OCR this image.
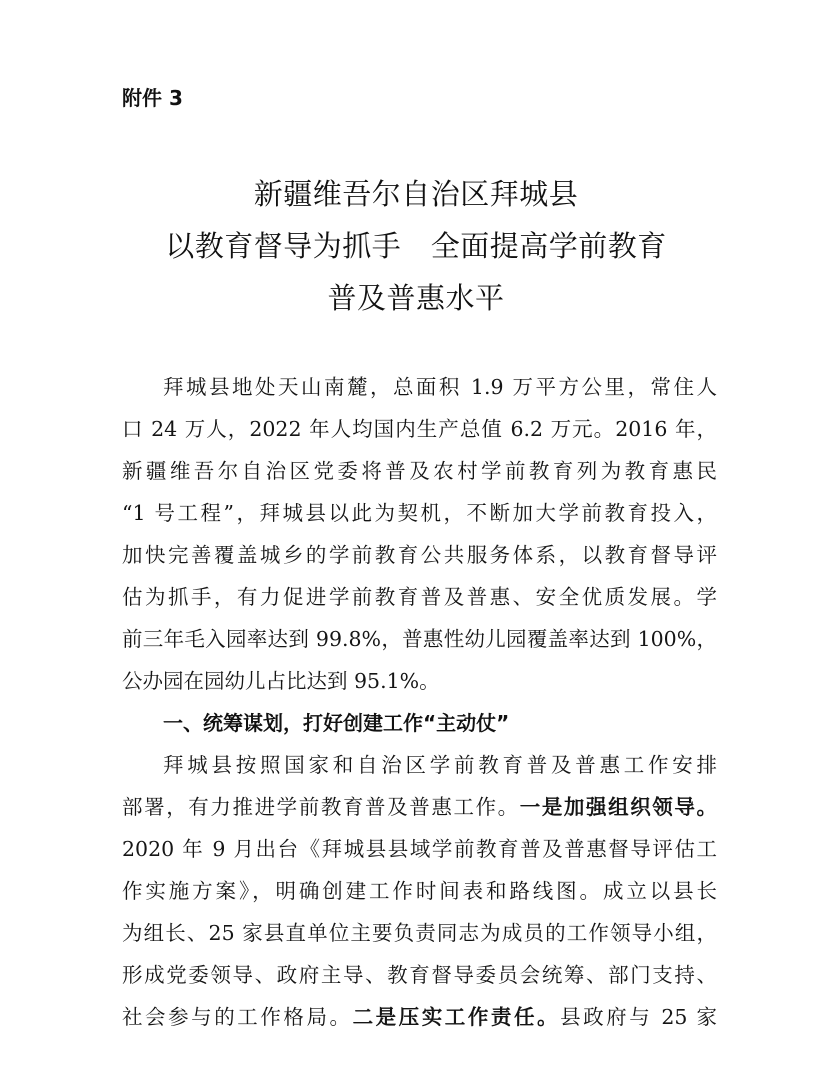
附件 3
新疆维吾尔自治区拜城县
以教育督导为抓手　全面提高学前教育
普及普惠水平
拜城县地处天山南麓，总面积 1.9 万平方公里，常住人
口 24 万人，2022 年人均国内生产总值 6.2 万元。2016 年，
新疆维吾尔自治区党委将普及农村学前教育列为教育惠民
“1 号工程”，拜城县以此为契机，不断加大学前教育投入，
加快完善覆盖城乡的学前教育公共服务体系，以教育督导评
估为抓手，有力促进学前教育普及普惠、安全优质发展。学
前三年毛入园率达到 99.8%，普惠性幼儿园覆盖率达到 100%，
公办园在园幼儿占比达到 95.1%。
一、统筹谋划，打好创建工作“主动仗”
拜城县按照国家和自治区学前教育普及普惠工作安排
部署，有力推进学前教育普及普惠工作。一是加强组织领导。
2020 年 9 月出台《拜城县县域学前教育普及普惠督导评估工
作实施方案》，明确创建工作时间表和路线图。成立以县长
为组长、25 家县直单位主要负责同志为成员的工作领导小组，
形成党委领导、政府主导、教育督导委员会统筹、部门支持、
社会参与的工作格局。二是压实工作责任。县政府与 25 家
